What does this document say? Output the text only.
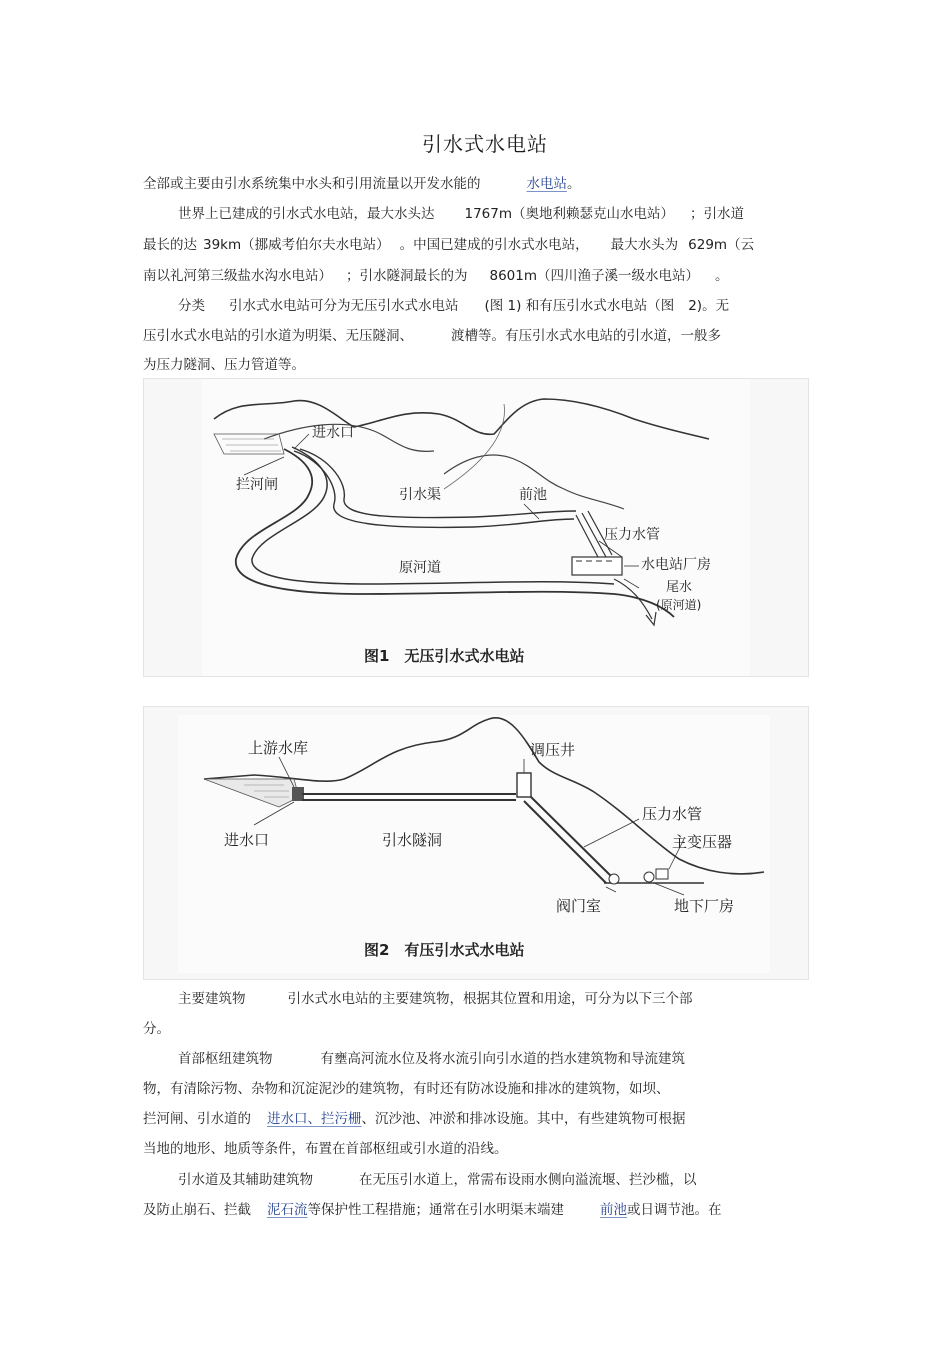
引水式水电站
全部或主要由引水系统集中水头和引用流量以开发水能的	水电站。
世界上已建成的引水式水电站，最大水头达 1767m（奥地利赖瑟克山水电站） ；引水道
最长的达 39km（挪威考伯尔夫水电站） 。中国已建成的引水式水电站， 最大水头为 629m（云
南以礼河第三级盐水沟水电站） ；引水隧洞最长的为 8601m（四川渔子溪一级水电站） 。
分类 引水式水电站可分为无压引水式水电站 (图 1) 和有压引水式水电站（图 2)。无
压引水式水电站的引水道为明渠、无压隧洞、	渡槽等。有压引水式水电站的引水道，一般多
为压力隧洞、压力管道等。
进水口
拦河闸
引水渠	前池
压力水管
水电站厂房
尾水
(原河道)
原河道
图1　无压引水式水电站
上游水库	调压井
压力水管
主变压器
进水口	引水隧洞
阀门室	地下厂房
图2　有压引水式水电站
主要建筑物	引水式水电站的主要建筑物，根据其位置和用途，可分为以下三个部
分。
首部枢纽建筑物	有壅高河流水位及将水流引向引水道的挡水建筑物和导流建筑
物，有清除污物、杂物和沉淀泥沙的建筑物，有时还有防冰设施和排冰的建筑物，如坝、
拦河闸、引水道的 进水口、拦污栅、沉沙池、冲淤和排冰设施。其中，有些建筑物可根据
当地的地形、地质等条件，布置在首部枢纽或引水道的沿线。
引水道及其辅助建筑物	在无压引水道上，常需布设雨水侧向溢流堰、拦沙槛，以
及防止崩石、拦截 泥石流等保护性工程措施；通常在引水明渠末端建	前池或日调节池。在
